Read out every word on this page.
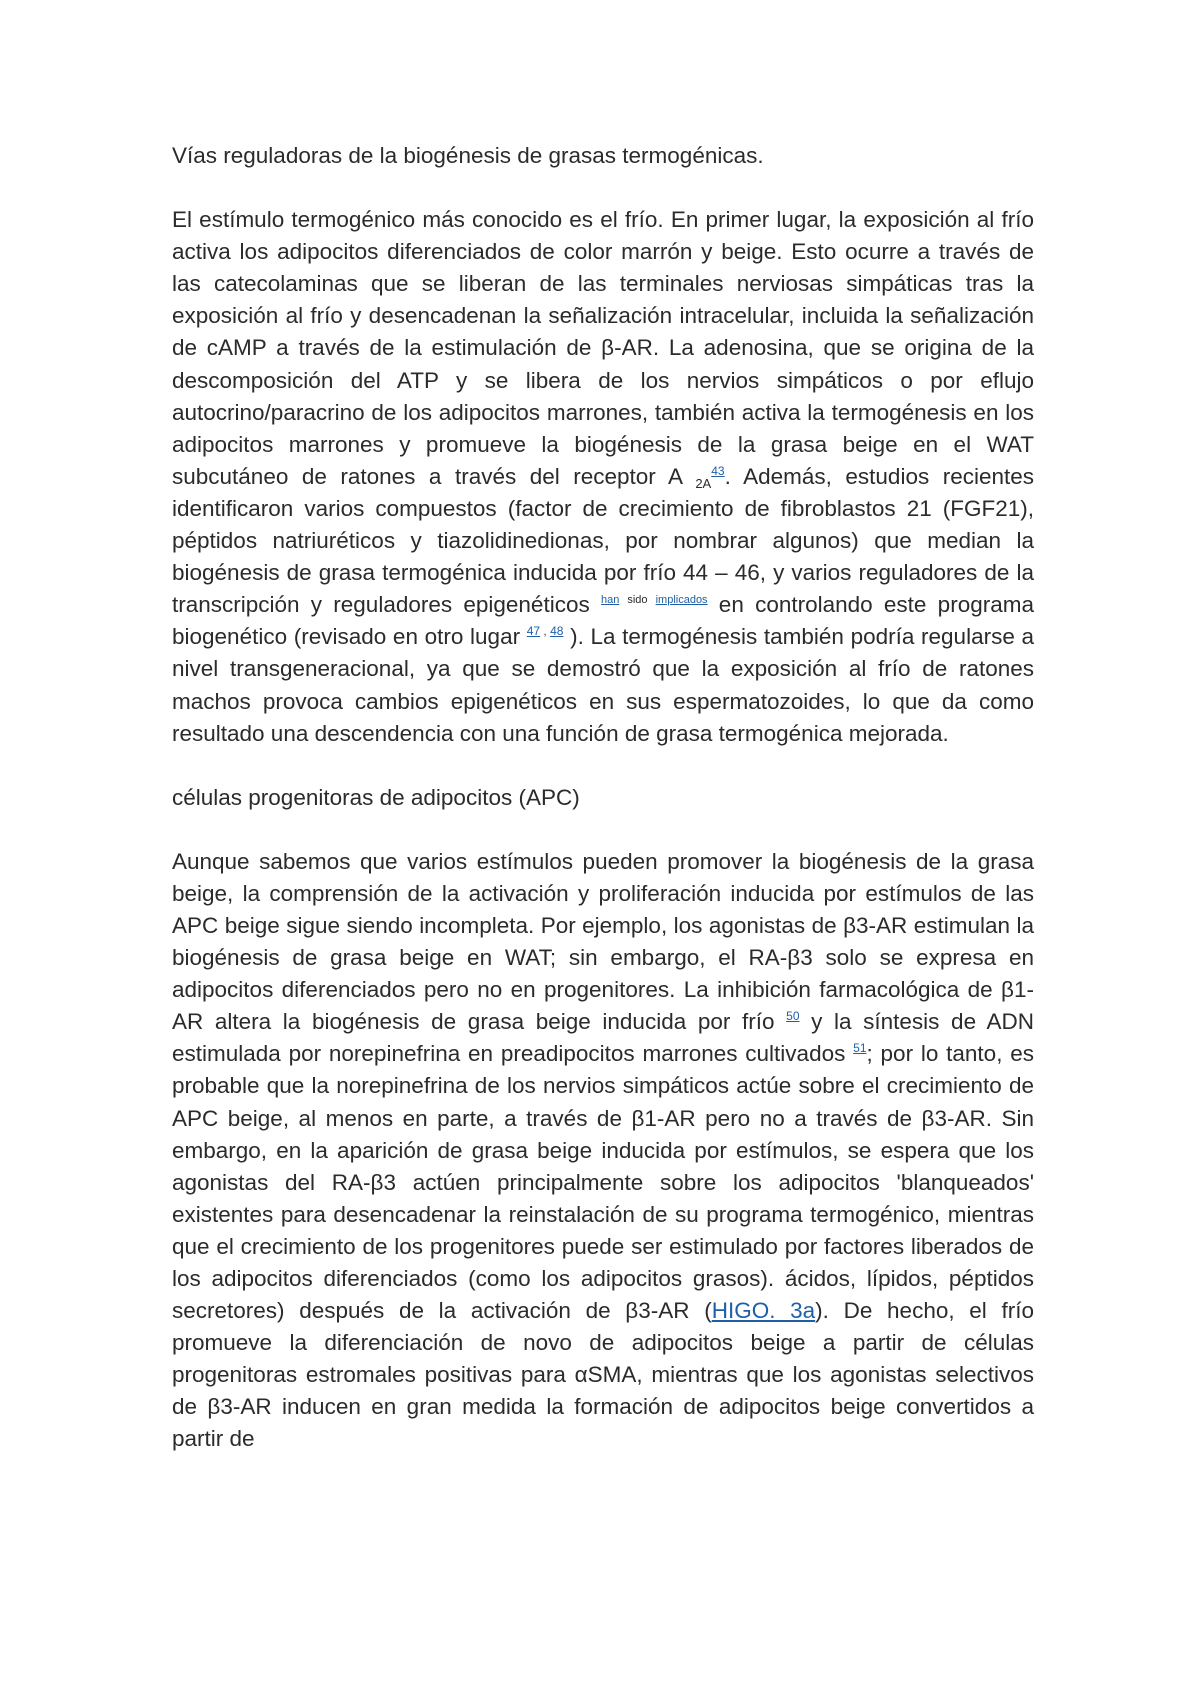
Vías reguladoras de la biogénesis de grasas termogénicas.

El estímulo termogénico más conocido es el frío. En primer lugar, la exposición al frío activa los adipocitos diferenciados de color marrón y beige. Esto ocurre a través de las catecolaminas que se liberan de las terminales nerviosas simpáticas tras la exposición al frío y desencadenan la señalización intracelular, incluida la señalización de cAMP a través de la estimulación de β-AR. La adenosina, que se origina de la descomposición del ATP y se libera de los nervios simpáticos o por eflujo autocrino/paracrino de los adipocitos marrones, también activa la termogénesis en los adipocitos marrones y promueve la biogénesis de la grasa beige en el WAT subcutáneo de ratones a través del receptor A $_{2A}^{43}$. Además, estudios recientes identificaron varios compuestos (factor de crecimiento de fibroblastos 21 (FGF21), péptidos natriuréticos y tiazolidinedionas, por nombrar algunos) que median la biogénesis de grasa termogénica inducida por frío 44 – 46, y varios reguladores de la transcripción y reguladores epigenéticos $^{han}$ $^{sido}$ $^{implicados}$ en controlando este programa biogenético (revisado en otro lugar $^{47}$ , $^{48}$ ). La termogénesis también podría regularse a nivel transgeneracional, ya que se demostró que la exposición al frío de ratones machos provoca cambios epigenéticos en sus espermatozoides, lo que da como resultado una descendencia con una función de grasa termogénica mejorada.

células progenitoras de adipocitos (APC)

Aunque sabemos que varios estímulos pueden promover la biogénesis de la grasa beige, la comprensión de la activación y proliferación inducida por estímulos de las APC beige sigue siendo incompleta. Por ejemplo, los agonistas de β3-AR estimulan la biogénesis de grasa beige en WAT; sin embargo, el RA-β3 solo se expresa en adipocitos diferenciados pero no en progenitores. La inhibición farmacológica de β1-AR altera la biogénesis de grasa beige inducida por frío $^{50}$ y la síntesis de ADN estimulada por norepinefrina en preadipocitos marrones cultivados $^{51}$; por lo tanto, es probable que la norepinefrina de los nervios simpáticos actúe sobre el crecimiento de APC beige, al menos en parte, a través de β1-AR pero no a través de β3-AR. Sin embargo, en la aparición de grasa beige inducida por estímulos, se espera que los agonistas del RA-β3 actúen principalmente sobre los adipocitos 'blanqueados' existentes para desencadenar la reinstalación de su programa termogénico, mientras que el crecimiento de los progenitores puede ser estimulado por factores liberados de los adipocitos diferenciados (como los adipocitos grasos). ácidos, lípidos, péptidos secretores) después de la activación de β3-AR (HIGO. 3a). De hecho, el frío promueve la diferenciación de novo de adipocitos beige a partir de células progenitoras estromales positivas para αSMA, mientras que los agonistas selectivos de β3-AR inducen en gran medida la formación de adipocitos beige convertidos a partir de
